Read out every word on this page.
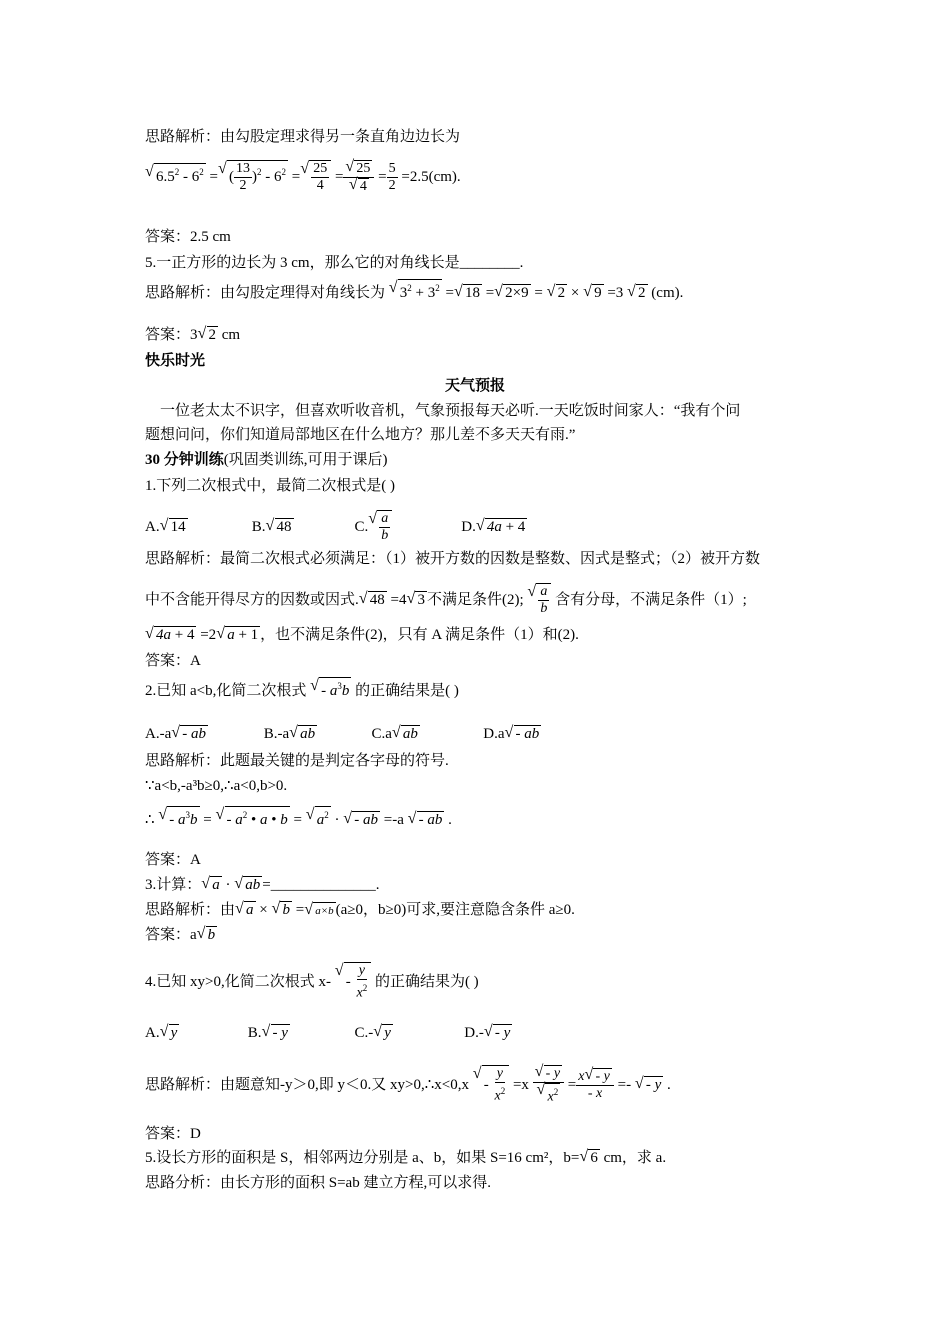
思路解析：由勾股定理求得另一条直角边边长为
√ $6.5^2 - 6^2$ = √ ( $\frac{13}{2} )^2 - 6^2$ = √ $\frac{25}{4}$ = √ 25
√ $4 = \frac{5}{2} =2.5(cm)$.
答案：2.5 cm
5.一正方形的边长为 3 cm，那么它的对角线长是________.
思路解析：由勾股定理得对角线长为 √ $3^2 + 3^2$ = √ 18 = √ 2×9 = √ 2 × √ 9 =3 √ 2 (cm).
答案：3 √ 2 cm
快乐时光
天气预报
一位老太太不识字，但喜欢听收音机，气象预报每天必听.一天吃饭时间家人：“我有个问
题想问问，你们知道局部地区在什么地方？那儿差不多天天有雨.”
30 分钟训练(巩固类训练,可用于课后)
1.下列二次根式中，最简二次根式是( )
A. √ 14	B. √ 48	C. √ $\frac{a}{b}$	D. √ 4a + 4
思路解析：最简二次根式必须满足：（1）被开方数的因数是整数、因式是整式；（2）被开方数
中不含能开得尽方的因数或因式. √ 48 =4 √ 3 不满足条件(2); √ $\frac{a}{b}$ 含有分母，不满足条件（1）;
√ 4a + 4 =2 √ a + 1 ，也不满足条件(2)，只有 A 满足条件（1）和(2).
答案：A
2.已知 a<b,化简二次根式 √ - $a^3b$ 的正确结果是( )
A.-a √ - ab	B.-a √ ab	C.a √ ab	D.a √ - ab
思路解析：此题最关键的是判定各字母的符号.
∵a<b,-a³b≥0,∴a<0,b>0.
∴ √ - $a^3b$ = √ - $a^2$ • a • b = √ $a^2$ · √ - ab =-a √ - ab .
答案：A
3.计算： √ a · √ ab =______________.
思路解析：由 √ a × √ b = √ a×b (a≥0，b≥0)可求,要注意隐含条件 a≥0.
答案：a √ b
4.已知 xy>0,化简二次根式 x- √ - $\frac{y}{x^2}$ 的正确结果为( )
A. √ y	B. √ - y	C.- √ y	D.- √ - y
思路解析：由题意知-y＞0,即 y＜0.又 xy>0,∴x<0,x √ - $\frac{y}{x^2} =x$ √ - y
√ $x^2 = \frac{x √ - y}{- x}$ =- √ - y .
答案：D
5.设长方形的面积是 S，相邻两边分别是 a、b，如果 S=16 cm²，b= √ 6 cm，求 a.
思路分析：由长方形的面积 S=ab 建立方程,可以求得.
